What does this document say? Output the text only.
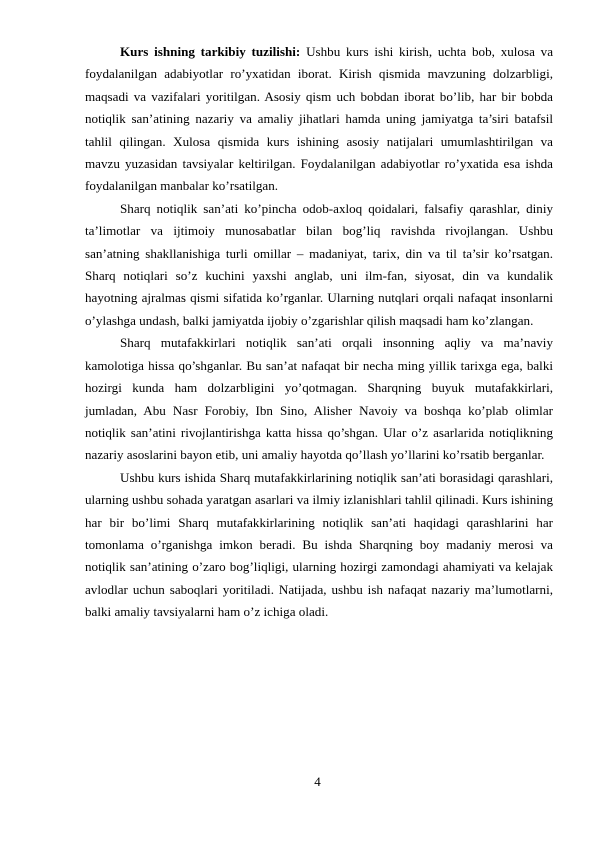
Kurs ishning tarkibiy tuzilishi: Ushbu kurs ishi kirish, uchta bob, xulosa va foydalanilgan adabiyotlar ro’yxatidan iborat. Kirish qismida mavzuning dolzarbligi, maqsadi va vazifalari yoritilgan. Asosiy qism uch bobdan iborat bo’lib, har bir bobda notiqlik san’atining nazariy va amaliy jihatlari hamda uning jamiyatga ta’siri batafsil tahlil qilingan. Xulosa qismida kurs ishining asosiy natijalari umumlashtirilgan va mavzu yuzasidan tavsiyalar keltirilgan. Foydalanilgan adabiyotlar ro’yxatida esa ishda foydalanilgan manbalar ko’rsatilgan.

Sharq notiqlik san’ati ko’pincha odob-axloq qoidalari, falsafiy qarashlar, diniy ta’limotlar va ijtimoiy munosabatlar bilan bog’liq ravishda rivojlangan. Ushbu san’atning shakllanishiga turli omillar – madaniyat, tarix, din va til ta’sir ko’rsatgan. Sharq notiqlari so’z kuchini yaxshi anglab, uni ilm-fan, siyosat, din va kundalik hayotning ajralmas qismi sifatida ko’rganlar. Ularning nutqlari orqali nafaqat insonlarni o’ylashga undash, balki jamiyatda ijobiy o’zgarishlar qilish maqsadi ham ko’zlangan.

Sharq mutafakkirlari notiqlik san’ati orqali insonning aqliy va ma’naviy kamolotiga hissa qo’shganlar. Bu san’at nafaqat bir necha ming yillik tarixga ega, balki hozirgi kunda ham dolzarbligini yo’qotmagan. Sharqning buyuk mutafakkirlari, jumladan, Abu Nasr Forobiy, Ibn Sino, Alisher Navoiy va boshqa ko’plab olimlar notiqlik san’atini rivojlantirishga katta hissa qo’shgan. Ular o’z asarlarida notiqlikning nazariy asoslarini bayon etib, uni amaliy hayotda qo’llash yo’llarini ko’rsatib berganlar.

Ushbu kurs ishida Sharq mutafakkirlarining notiqlik san’ati borasidagi qarashlari, ularning ushbu sohada yaratgan asarlari va ilmiy izlanishlari tahlil qilinadi. Kurs ishining har bir bo’limi Sharq mutafakkirlarining notiqlik san’ati haqidagi qarashlarini har tomonlama o’rganishga imkon beradi. Bu ishda Sharqning boy madaniy merosi va notiqlik san’atining o’zaro bog’liqligi, ularning hozirgi zamondagi ahamiyati va kelajak avlodlar uchun saboqlari yoritiladi. Natijada, ushbu ish nafaqat nazariy ma’lumotlarni, balki amaliy tavsiyalarni ham o’z ichiga oladi.

4
